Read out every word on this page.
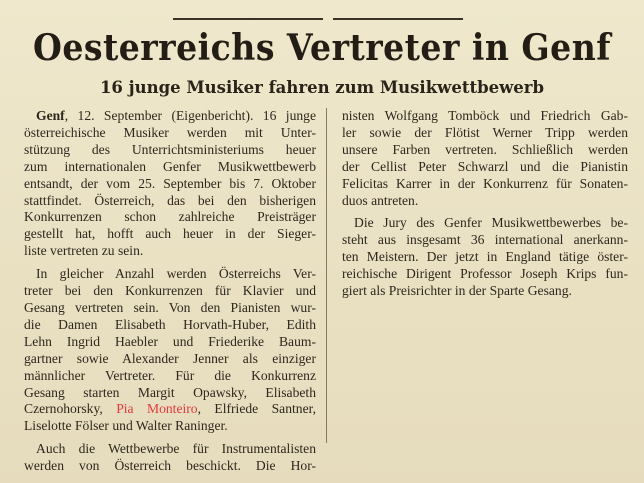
Oesterreichs Vertreter in Genf
16 junge Musiker fahren zum Musikwettbewerb
Genf, 12. September (Eigenbericht). 16 junge
österreichische Musiker werden mit Unter-
stützung des Unterrichtsministeriums heuer
zum internationalen Genfer Musikwettbewerb
entsandt, der vom 25. September bis 7. Oktober
stattfindet. Österreich, das bei den bisherigen
Konkurrenzen schon zahlreiche Preisträger
gestellt hat, hofft auch heuer in der Sieger-
liste vertreten zu sein.
In gleicher Anzahl werden Österreichs Ver-
treter bei den Konkurrenzen für Klavier und
Gesang vertreten sein. Von den Pianisten wur-
die Damen Elisabeth Horvath-Huber, Edith
Lehn Ingrid Haebler und Friederike Baum-
gartner sowie Alexander Jenner als einziger
männlicher Vertreter. Für die Konkurrenz
Gesang starten Margit Opawsky, Elisabeth
Czernohorsky, Pia Monteiro, Elfriede Santner,
Liselotte Fölser und Walter Raninger.
Auch die Wettbewerbe für Instrumentalisten
werden von Österreich beschickt. Die Hor-
nisten Wolfgang Tomböck und Friedrich Gab-
ler sowie der Flötist Werner Tripp werden
unsere Farben vertreten. Schließlich werden
der Cellist Peter Schwarzl und die Pianistin
Felicitas Karrer in der Konkurrenz für Sonaten-
duos antreten.
Die Jury des Genfer Musikwettbewerbes be-
steht aus insgesamt 36 international anerkann-
ten Meistern. Der jetzt in England tätige öster-
reichische Dirigent Professor Joseph Krips fun-
giert als Preisrichter in der Sparte Gesang.
